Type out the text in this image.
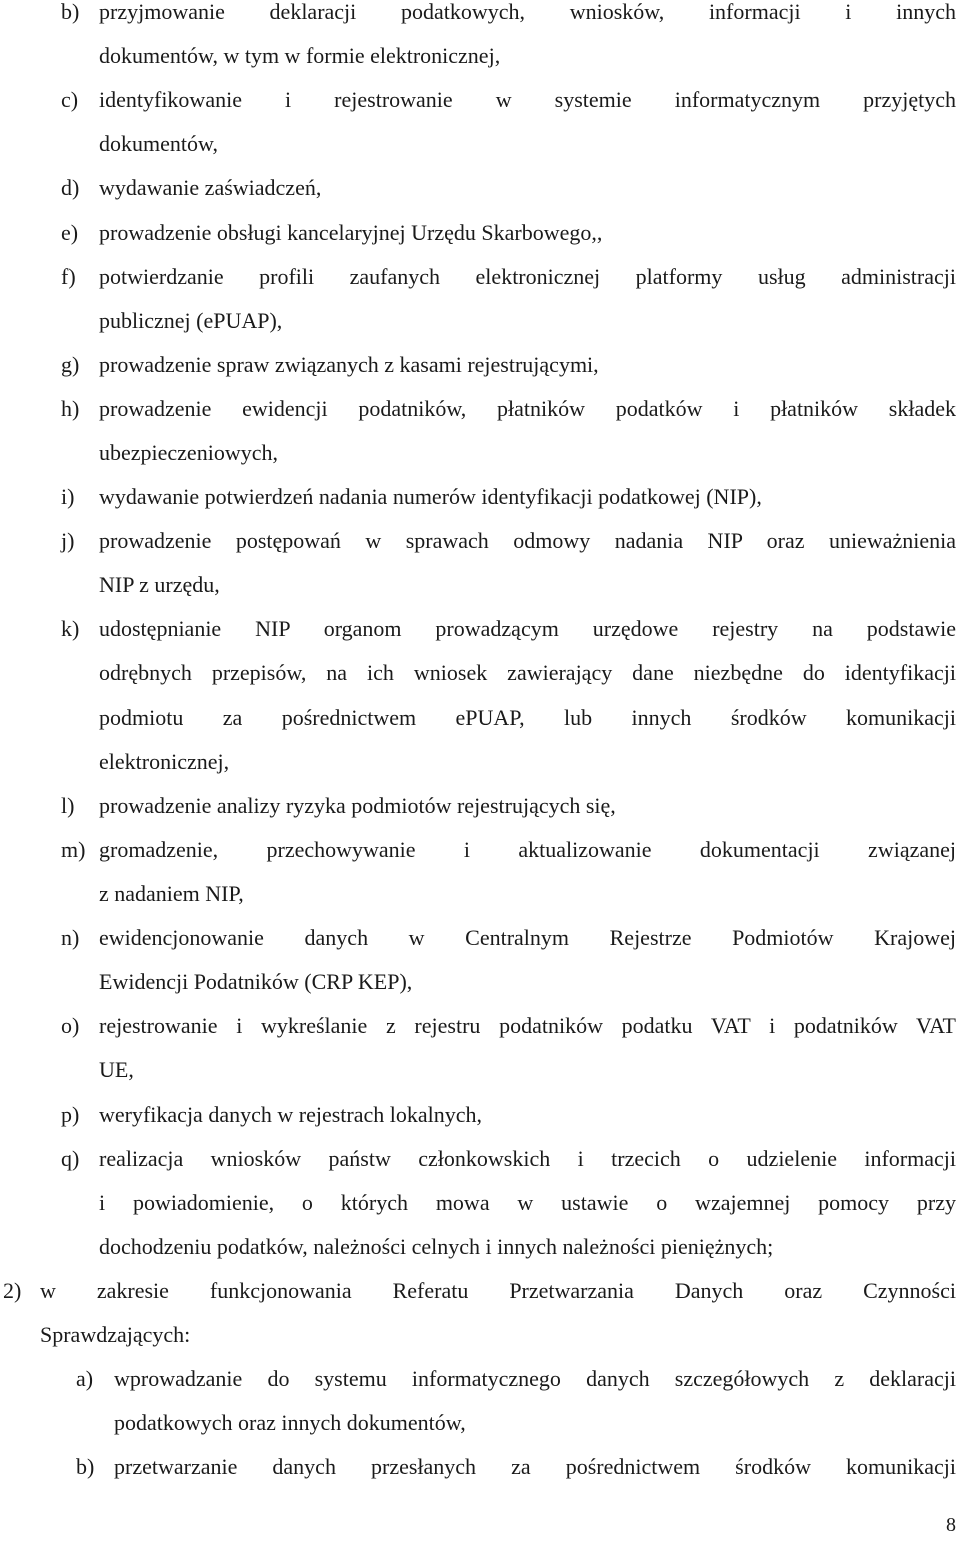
b) przyjmowanie deklaracji podatkowych, wniosków, informacji i innych
dokumentów, w tym w formie elektronicznej,
c) identyfikowanie i rejestrowanie w systemie informatycznym przyjętych
dokumentów,
d) wydawanie zaświadczeń,
e) prowadzenie obsługi kancelaryjnej Urzędu Skarbowego,,
f) potwierdzanie profili zaufanych elektronicznej platformy usług administracji
publicznej (ePUAP),
g) prowadzenie spraw związanych z kasami rejestrującymi,
h) prowadzenie ewidencji podatników, płatników podatków i płatników składek
ubezpieczeniowych,
i) wydawanie potwierdzeń nadania numerów identyfikacji podatkowej (NIP),
j) prowadzenie postępowań w sprawach odmowy nadania NIP oraz unieważnienia
NIP z urzędu,
k) udostępnianie NIP organom prowadzącym urzędowe rejestry na podstawie
odrębnych przepisów, na ich wniosek zawierający dane niezbędne do identyfikacji
podmiotu za pośrednictwem ePUAP, lub innych środków komunikacji
elektronicznej,
l) prowadzenie analizy ryzyka podmiotów rejestrujących się,
m) gromadzenie, przechowywanie i aktualizowanie dokumentacji związanej
z nadaniem NIP,
n) ewidencjonowanie danych w Centralnym Rejestrze Podmiotów Krajowej
Ewidencji Podatników (CRP KEP),
o) rejestrowanie i wykreślanie z rejestru podatników podatku VAT i podatników VAT
UE,
p) weryfikacja danych w rejestrach lokalnych,
q) realizacja wniosków państw członkowskich i trzecich o udzielenie informacji
i powiadomienie, o których mowa w ustawie o wzajemnej pomocy przy
dochodzeniu podatków, należności celnych i innych należności pieniężnych;
2) w zakresie funkcjonowania Referatu Przetwarzania Danych oraz Czynności
Sprawdzających:
a) wprowadzanie do systemu informatycznego danych szczegółowych z deklaracji
podatkowych oraz innych dokumentów,
b) przetwarzanie danych przesłanych za pośrednictwem środków komunikacji
8
